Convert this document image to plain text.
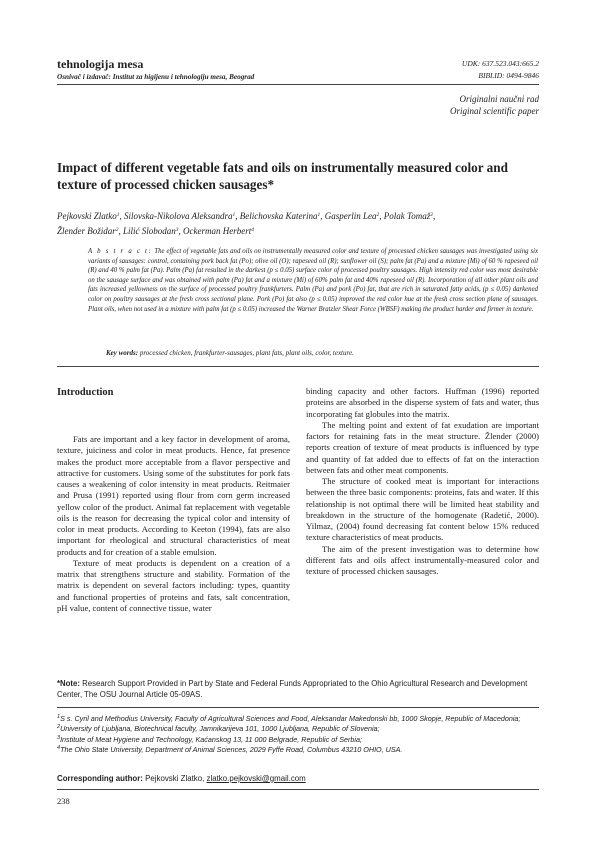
tehnologija mesa
Osnivač i izdavač: Institut za higijenu i tehnologiju mesa, Beograd
UDK: 637.523.043:665.2
BIBLID: 0494-9846
Originalni naučni rad
Original scientific paper
Impact of different vegetable fats and oils on instrumentally measured color and texture of processed chicken sausages*
Pejkovski Zlatko$^1$, Silovska-Nikolova Aleksandra$^1$, Belichovska Katerina$^1$, Gasperlin Lea$^2$, Polak Tomaž$^2$,
Žlender Božidar$^2$, Lilić Slobodan$^3$, Ockerman Herbert$^4$
A b s t r a c t: The effect of vegetable fats and oils on instrumentally measured color and texture of processed chicken sausages was investigated using six variants of sausages: control, containing pork back fat (Po); olive oil (O); rapeseed oil (R); sunflower oil (S); palm fat (Pa) and a mixture (Mi) of 60 % rapeseed oil (R) and 40 % palm fat (Pa). Palm (Pa) fat resulted in the darkest (p ≤ 0.05) surface color of processed poultry sausages. High intensity red color was most desirable on the sausage surface and was obtained with palm (Pa) fat and a mixture (Mi) of 60% palm fat and 40% rapeseed oil (R). Incorporation of all other plant oils and fats increased yellowness on the surface of processed poultry frankfurters. Palm (Pa) and pork (Po) fat, that are rich in saturated fatty acids, (p ≤ 0.05) darkened color on poultry sausages at the fresh cross sectional plane. Pork (Po) fat also (p ≤ 0.05) improved the red color hue at the fresh cross section plane of sausages. Plant oils, when not used in a mixture with palm fat (p ≤ 0.05) increased the Warner Bratzler Shear Force (WBSF) making the product harder and firmer in texture.
Key words: processed chicken, frankfurter-sausages, plant fats, plant oils, color, texture.
Introduction

Fats are important and a key factor in development of aroma, texture, juiciness and color in meat products. Hence, fat presence makes the product more acceptable from a flavor perspective and attractive for customers. Using some of the substitutes for pork fats causes a weakening of color intensity in meat products. Reitmaier and Prusa (1991) reported using flour from corn germ increased yellow color of the product. Animal fat replacement with vegetable oils is the reason for decreasing the typical color and intensity of color in meat products. According to Keeton (1994), fats are also important for rheological and structural characteristics of meat products and for creation of a stable emulsion.

Texture of meat products is dependent on a creation of a matrix that strengthens structure and stability. Formation of the matrix is dependent on several factors including: types, quantity and functional properties of proteins and fats, salt concentration, pH value, content of connective tissue, water

binding capacity and other factors. Huffman (1996) reported proteins are absorbed in the disperse system of fats and water, thus incorporating fat globules into the matrix.

The melting point and extent of fat exudation are important factors for retaining fats in the meat structure. Žlender (2000) reports creation of texture of meat products is influenced by type and quantity of fat added due to effects of fat on the interaction between fats and other meat components.

The structure of cooked meat is important for interactions between the three basic components: proteins, fats and water. If this relationship is not optimal there will be limited heat stability and breakdown in the structure of the homogenate (Radetić, 2000). Yilmaz, (2004) found decreasing fat content below 15% reduced texture characteristics of meat products.

The aim of the present investigation was to determine how different fats and oils affect instrumentally-measured color and texture of processed chicken sausages.

*Note: Research Support Provided in Part by State and Federal Funds Appropriated to the Ohio Agricultural Research and Development Center, The OSU Journal Article 05-09AS.
$^1$S s. Cyril and Methodius University, Faculty of Agricultural Sciences and Food, Aleksandar Makedonski bb, 1000 Skopje, Republic of Macedonia;
$^2$University of Ljubljana, Biotechnical faculty, Jamnikarijeva 101, 1000 Ljubljana, Republic of Slovenia;
$^3$Institute of Meat Hygiene and Technology, Kaćanskog 13, 11 000 Belgrade, Republic of Serbia;
$^4$The Ohio State University, Department of Animal Sciences, 2029 Fyffe Road, Columbus 43210 OHIO, USA.
Corresponding author: Pejkovski Zlatko, zlatko.pejkovski@gmail.com
238
